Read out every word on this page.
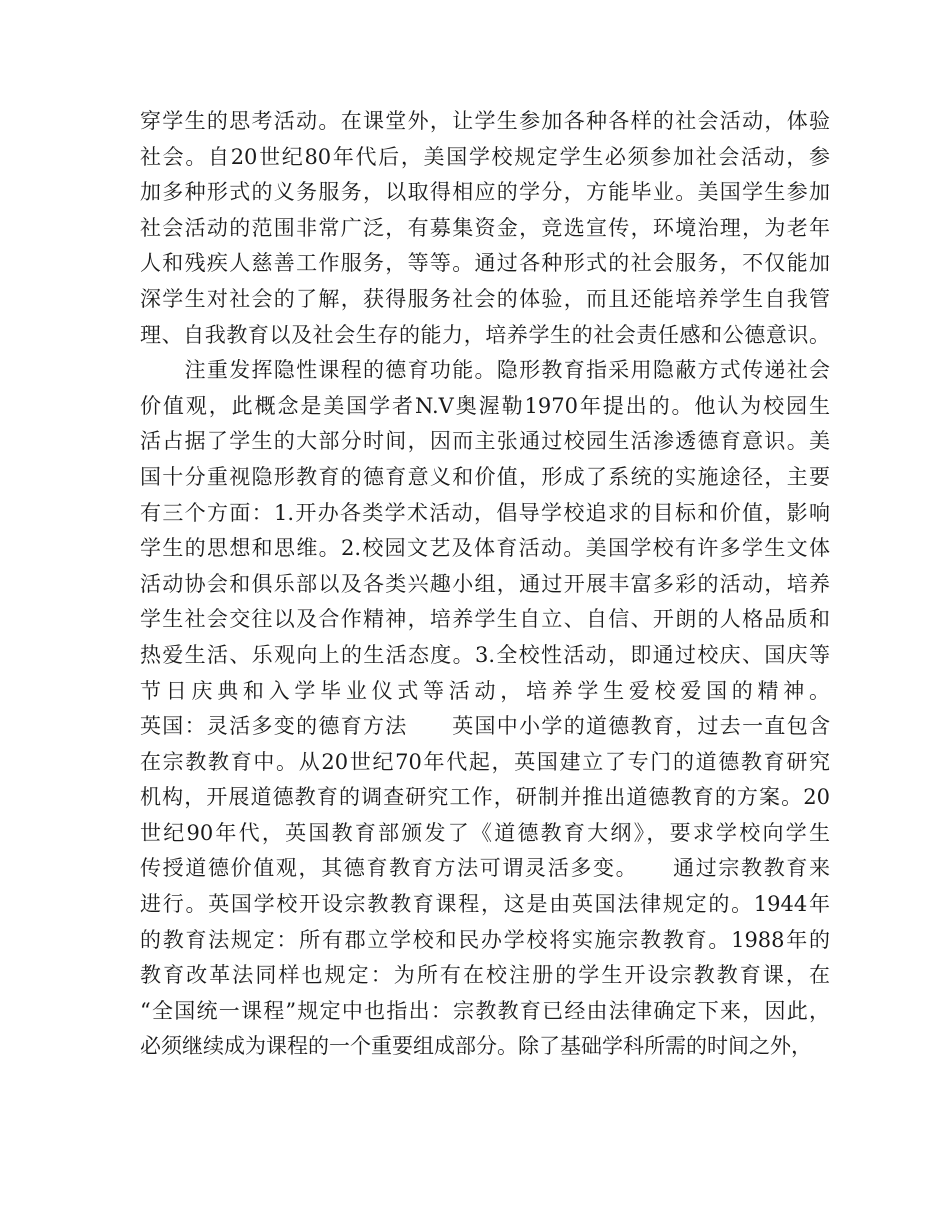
穿学生的思考活动。在课堂外，让学生参加各种各样的社会活动，体验
社会。自20世纪80年代后，美国学校规定学生必须参加社会活动，参
加多种形式的义务服务，以取得相应的学分，方能毕业。美国学生参加
社会活动的范围非常广泛，有募集资金，竞选宣传，环境治理，为老年
人和残疾人慈善工作服务，等等。通过各种形式的社会服务，不仅能加
深学生对社会的了解，获得服务社会的体验，而且还能培养学生自我管
理、自我教育以及社会生存的能力，培养学生的社会责任感和公德意识。
　　注重发挥隐性课程的德育功能。隐形教育指采用隐蔽方式传递社会
价值观，此概念是美国学者N.V奥渥勒1970年提出的。他认为校园生
活占据了学生的大部分时间，因而主张通过校园生活渗透德育意识。美
国十分重视隐形教育的德育意义和价值，形成了系统的实施途径，主要
有三个方面：1.开办各类学术活动，倡导学校追求的目标和价值，影响
学生的思想和思维。2.校园文艺及体育活动。美国学校有许多学生文体
活动协会和俱乐部以及各类兴趣小组，通过开展丰富多彩的活动，培养
学生社会交往以及合作精神，培养学生自立、自信、开朗的人格品质和
热爱生活、乐观向上的生活态度。3.全校性活动，即通过校庆、国庆等
节日庆典和入学毕业仪式等活动，培养学生爱校爱国的精神。
英国：灵活多变的德育方法　　英国中小学的道德教育，过去一直包含
在宗教教育中。从20世纪70年代起，英国建立了专门的道德教育研究
机构，开展道德教育的调查研究工作，研制并推出道德教育的方案。20
世纪90年代，英国教育部颁发了《道德教育大纲》，要求学校向学生
传授道德价值观，其德育教育方法可谓灵活多变。　　通过宗教教育来
进行。英国学校开设宗教教育课程，这是由英国法律规定的。1944年
的教育法规定：所有郡立学校和民办学校将实施宗教教育。1988年的
教育改革法同样也规定：为所有在校注册的学生开设宗教教育课，在
“全国统一课程”规定中也指出：宗教教育已经由法律确定下来，因此，
必须继续成为课程的一个重要组成部分。除了基础学科所需的时间之外，
